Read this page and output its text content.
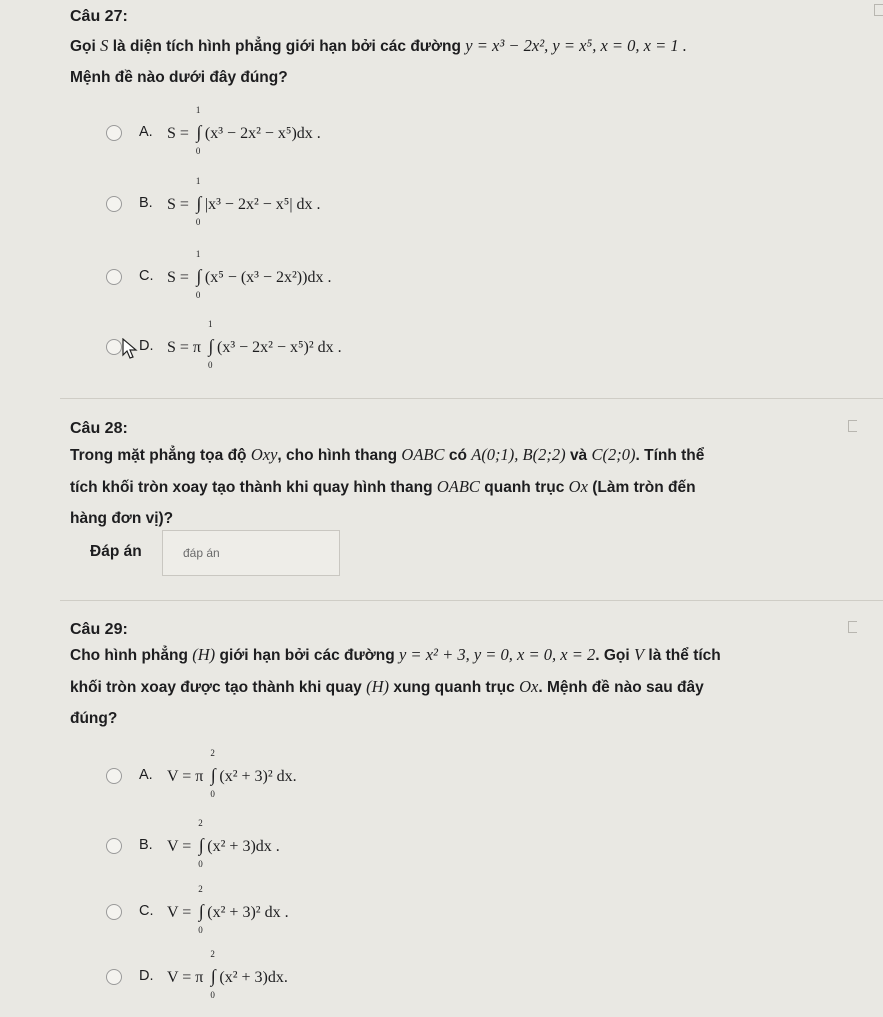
Câu 27:
Gọi S là diện tích hình phẳng giới hạn bởi các đường y = x³ − 2x², y = x⁵, x = 0, x = 1 .
Mệnh đề nào dưới đây đúng?
A. S = ∫
1
0
(x³ − 2x² − x⁵)dx .
B. S = ∫
1
0
|x³ − 2x² − x⁵| dx .
C. S = ∫
1
0
(x⁵ − (x³ − 2x²))dx .
D. S = π ∫
1
0
(x³ − 2x² − x⁵)² dx .
Câu 28:
Trong mặt phẳng tọa độ Oxy, cho hình thang OABC có A(0;1), B(2;2) và C(2;0). Tính thể
tích khối tròn xoay tạo thành khi quay hình thang OABC quanh trục Ox (Làm tròn đến
hàng đơn vị)?
Đáp án
đáp án
Câu 29:
Cho hình phẳng (H) giới hạn bởi các đường y = x² + 3, y = 0, x = 0, x = 2. Gọi V là thể tích
khối tròn xoay được tạo thành khi quay (H) xung quanh trục Ox. Mệnh đề nào sau đây
đúng?
A. V = π ∫
2
0
(x² + 3)² dx.
B. V = ∫
2
0
(x² + 3)dx .
C. V = ∫
2
0
(x² + 3)² dx .
D. V = π ∫
2
0
(x² + 3)dx.
